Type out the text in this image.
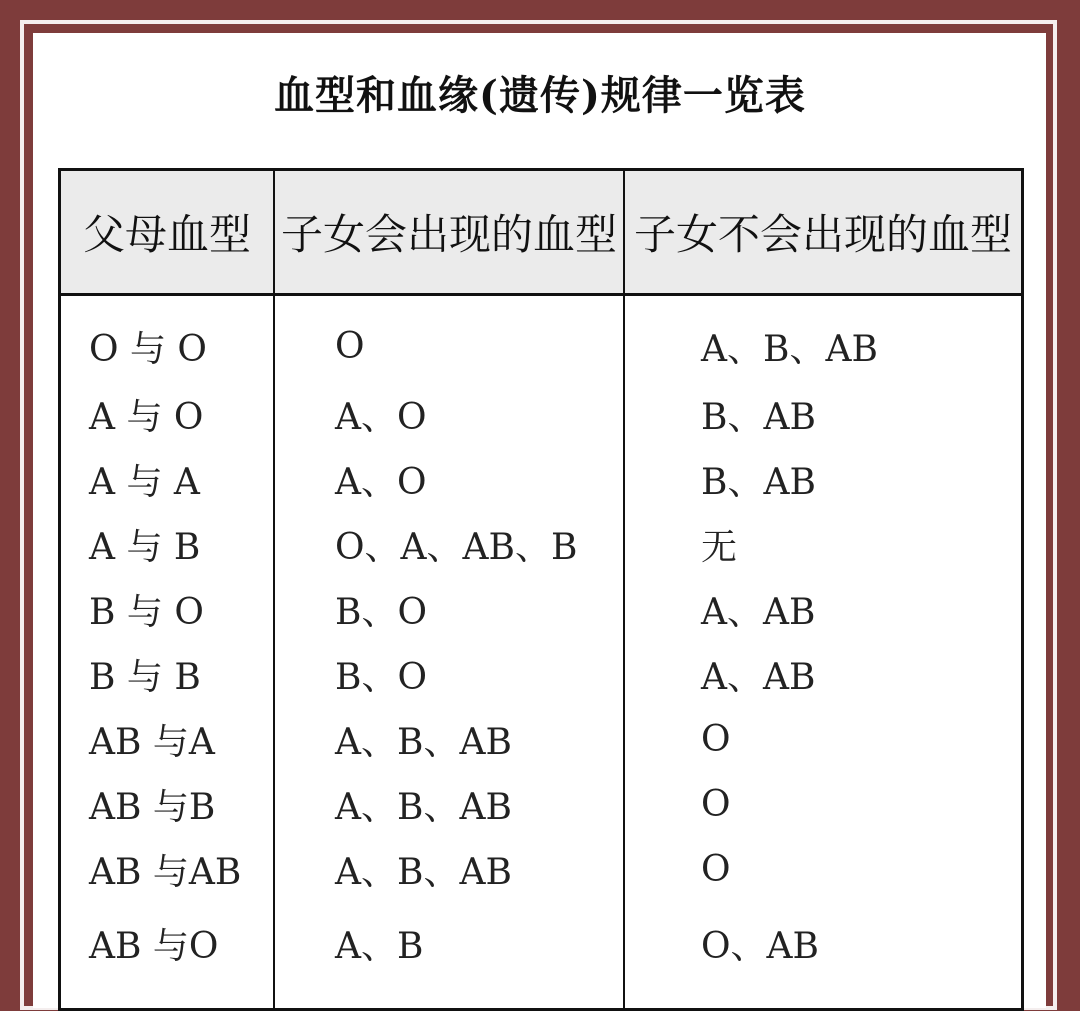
血型和血缘(遗传)规律一览表
父母血型	子女会出现的血型	子女不会出现的血型
O 与 O	O	A、B、AB
A 与 O	A、O	B、AB
A 与 A	A、O	B、AB
A 与 B	O、A、AB、B	无
B 与 O	B、O	A、AB
B 与 B	B、O	A、AB
AB 与A	A、B、AB	O
AB 与B	A、B、AB	O
AB 与AB	A、B、AB	O
AB 与O	A、B	O、AB
